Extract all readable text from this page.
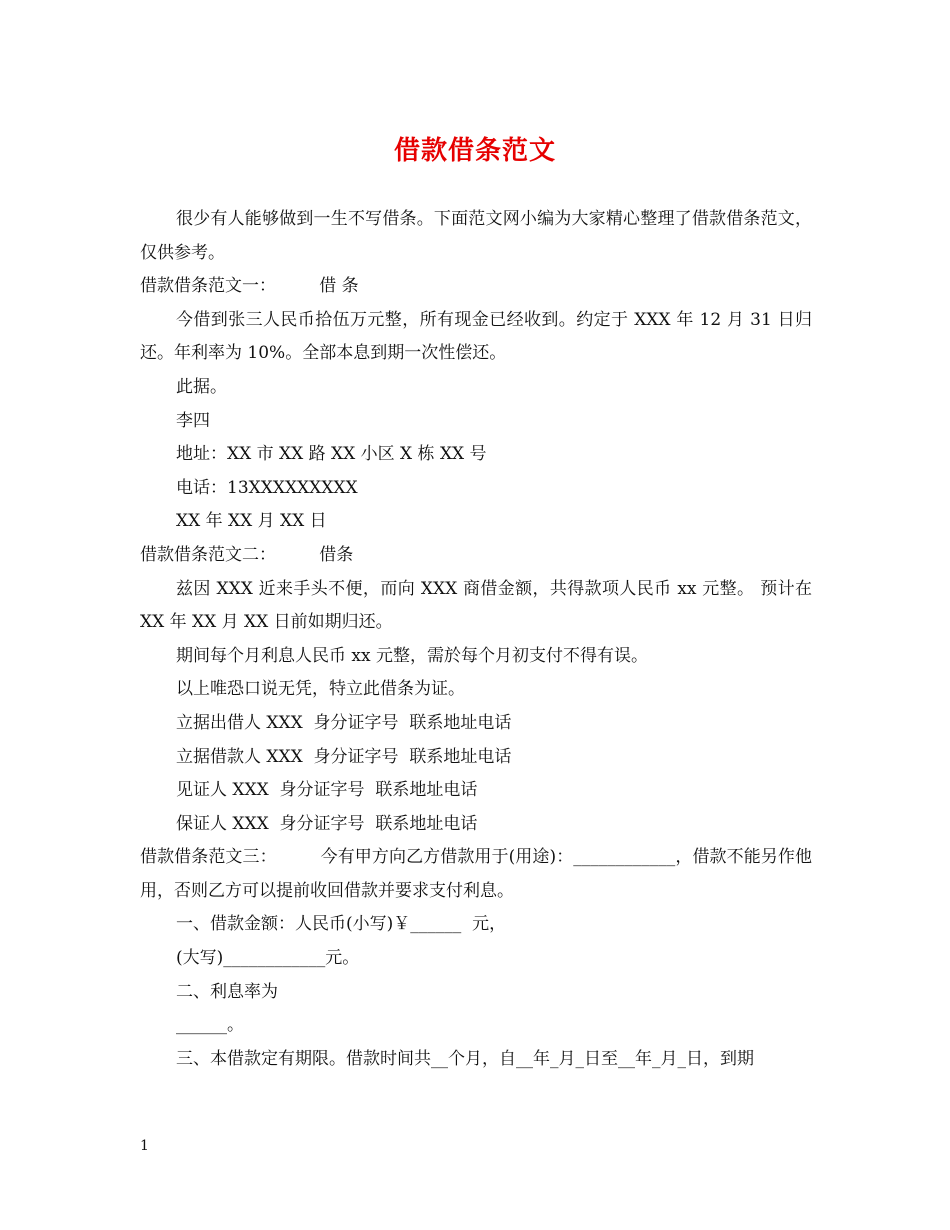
借款借条范文

很少有人能够做到一生不写借条。下面范文网小编为大家精心整理了借款借条范文，仅供参考。

借款借条范文一：        借 条

今借到张三人民币拾伍万元整，所有现金已经收到。约定于 XXX 年 12 月 31 日归还。年利率为 10%。全部本息到期一次性偿还。

此据。

李四

地址：XX 市 XX 路 XX 小区 X 栋 XX 号

电话：13XXXXXXXXX

XX 年 XX 月 XX 日

借款借条范文二：        借条

兹因 XXX 近来手头不便，而向 XXX 商借金额，共得款项人民币 xx 元整。 预计在 XX 年 XX 月 XX 日前如期归还。

期间每个月利息人民币 xx 元整，需於每个月初支付不得有误。

以上唯恐口说无凭，特立此借条为证。

立据出借人 XXX  身分证字号  联系地址电话

立据借款人 XXX  身分证字号  联系地址电话

见证人 XXX  身分证字号  联系地址电话

保证人 XXX  身分证字号  联系地址电话

借款借条范文三：        今有甲方向乙方借款用于(用途)：____________，借款不能另作他用，否则乙方可以提前收回借款并要求支付利息。

一、借款金额：人民币(小写)￥______  元，

(大写)____________元。

二、利息率为

______。

三、本借款定有期限。借款时间共__个月，自__年_月_日至__年_月_日，到期

1
